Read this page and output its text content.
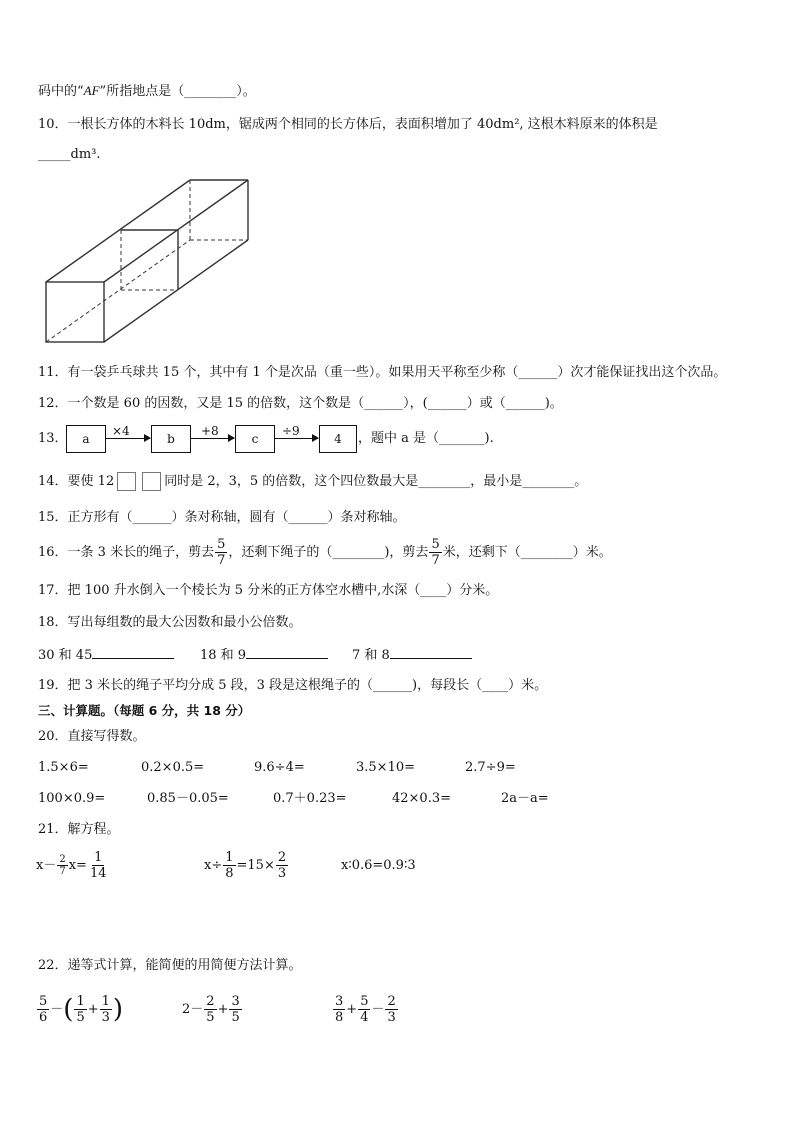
码中的“AF”所指地点是（________）。
10．一根长方体的木料长 10dm，锯成两个相同的长方体后，表面积增加了 40dm², 这根木料原来的体积是
_____dm³.
11．有一袋乒乓球共 15 个，其中有 1 个是次品（重一些）。如果用天平称至少称（______）次才能保证找出这个次品。
12．一个数是 60 的因数，又是 15 的倍数，这个数是（______），(______）或（______)。
13．	a
×4
b
+8
c
÷9
4	，题中 a 是（_______).
14．要使 12	同时是 2，3，5 的倍数，这个四位数最大是________，最小是________。
15．正方形有（______）条对称轴，圆有（______）条对称轴。
16．一条 3 米长的绳子，剪去 $\frac{5}{7}$ ，还剩下绳子的（________)，剪去 $\frac{5}{7}$ 米，还剩下（________）米。
17．把 100 升水倒入一个棱长为 5 分米的正方体空水槽中,水深（____）分米。
18．写出每组数的最大公因数和最小公倍数。
30 和 45	18 和 9	7 和 8
19．把 3 米长的绳子平均分成 5 段，3 段是这根绳子的（______)，每段长（____）米。
三、计算题。（每题 6 分，共 18 分）
20．直接写得数。
1.5×6=	0.2×0.5=	9.6÷4=	3.5×10=	2.7÷9=
100×0.9=	0.85－0.05=	0.7＋0.23=	42×0.3=	2a－a=
21．解方程。
$x- \frac{2}{7} x= \frac{1}{14}$	$x\div \frac{1}{8} =15\times \frac{2}{3}$	x∶0.6=0.9∶3
22．递等式计算，能简便的用简便方法计算。
$\frac{5}{6}$ －( $\frac{1}{5} + \frac{1}{3}$ )	$2- \frac{2}{5} + \frac{3}{5}$	$\frac{3}{8} + \frac{5}{4} - \frac{2}{3}$
